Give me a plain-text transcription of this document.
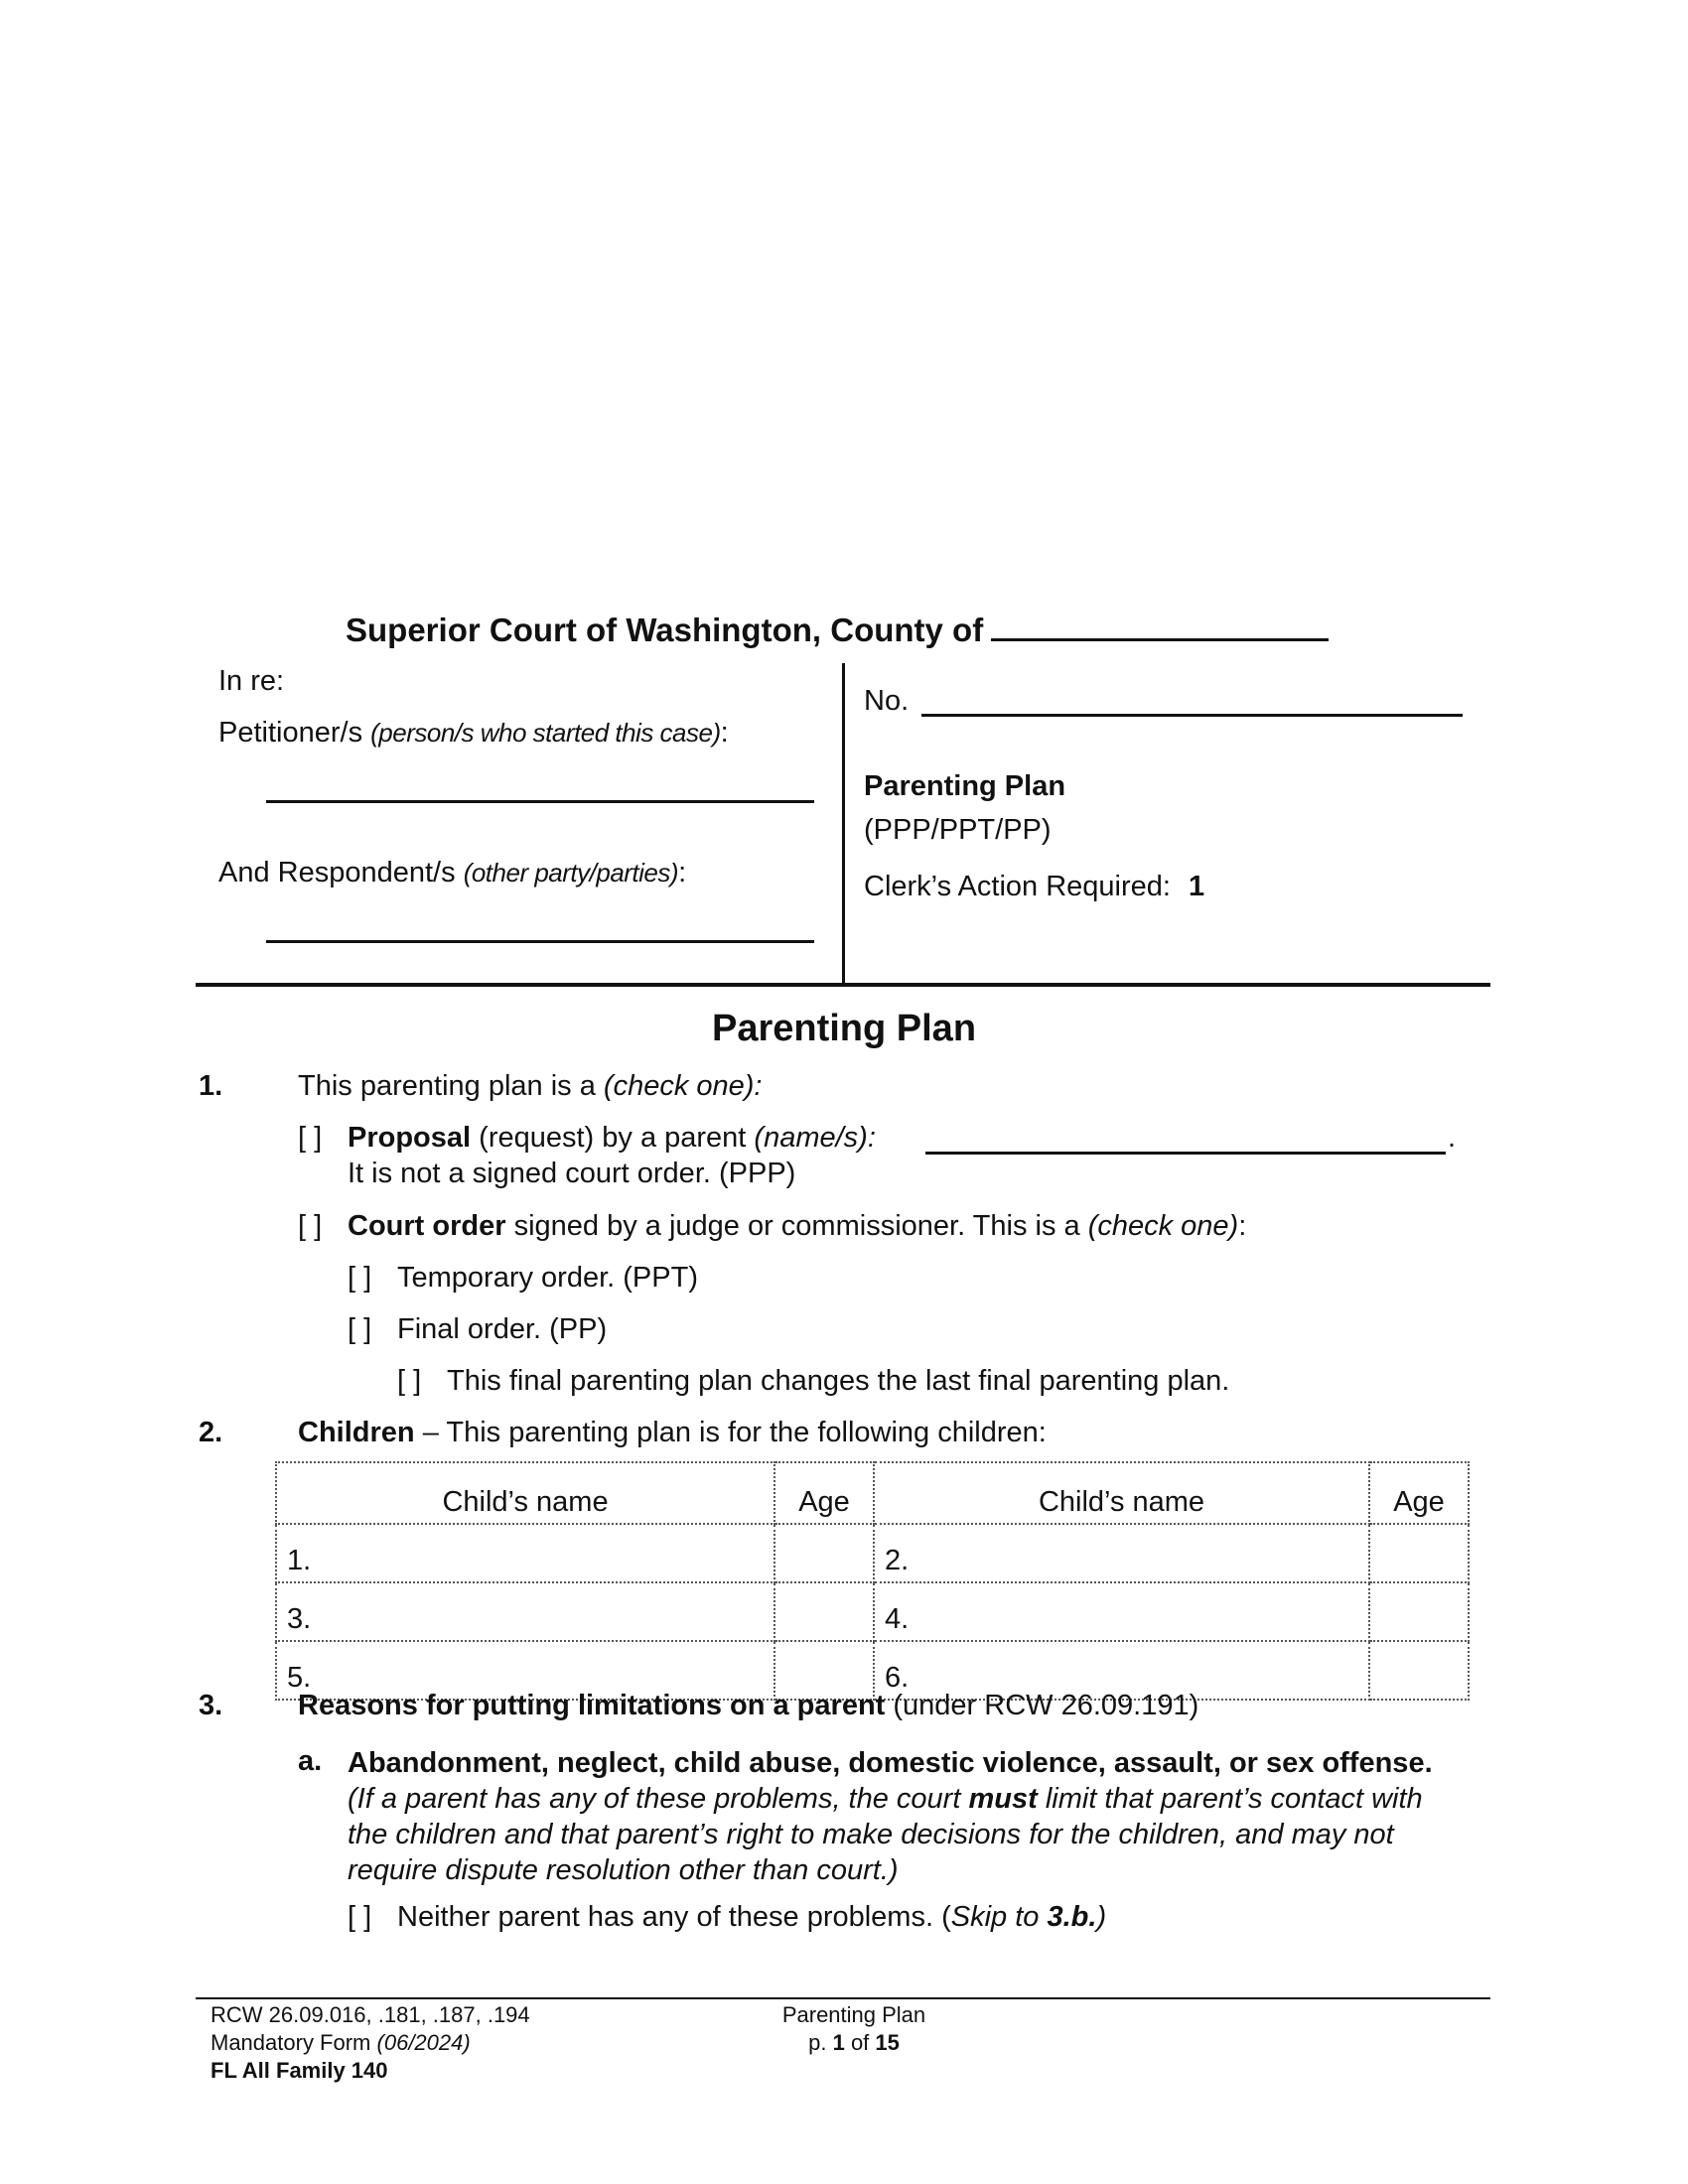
Superior Court of Washington, County of
In re:
Petitioner/s (person/s who started this case):
And Respondent/s (other party/parties):
No.
Parenting Plan
(PPP/PPT/PP)
Clerk’s Action Required: 1
Parenting Plan
1.	This parenting plan is a (check one):
[ ] Proposal (request) by a parent (name/s):	.
It is not a signed court order. (PPP)
[ ] Court order signed by a judge or commissioner. This is a (check one):
[ ] Temporary order. (PPT)
[ ] Final order. (PP)
[ ] This final parenting plan changes the last final parenting plan.
2.	Children – This parenting plan is for the following children:
Child’s name	Age	Child’s name	Age
1.		2.	
3.		4.	
5.		6.	
3.	Reasons for putting limitations on a parent (under RCW 26.09.191)
a. Abandonment, neglect, child abuse, domestic violence, assault, or sex offense. (If a parent has any of these problems, the court must limit that parent’s contact with the children and that parent’s right to make decisions for the children, and may not require dispute resolution other than court.)
[ ] Neither parent has any of these problems. (Skip to 3.b.)
RCW 26.09.016, .181, .187, .194
Mandatory Form (06/2024)
FL All Family 140
Parenting Plan
p. 1 of 15
